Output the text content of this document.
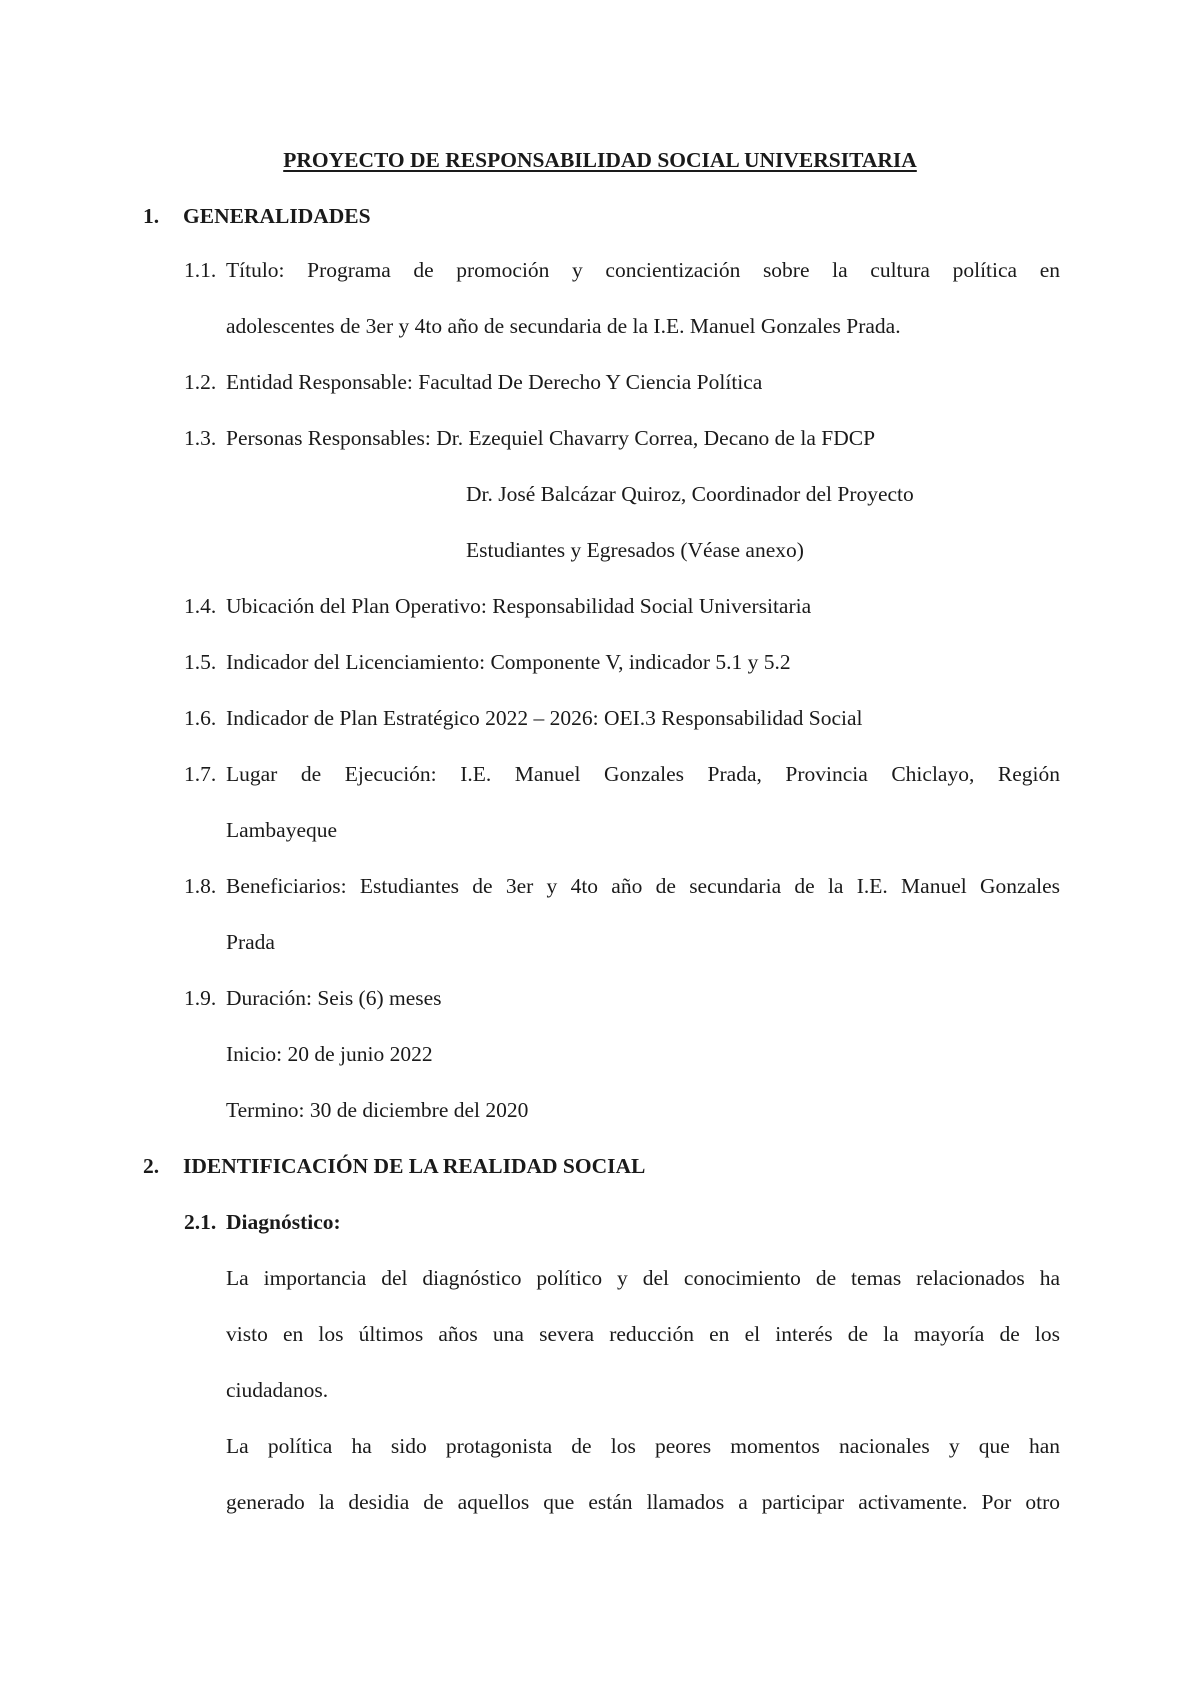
PROYECTO DE RESPONSABILIDAD SOCIAL UNIVERSITARIA
1. GENERALIDADES
1.1. Título: Programa de promoción y concientización sobre la cultura política en
adolescentes de 3er y 4to año de secundaria de la I.E. Manuel Gonzales Prada.
1.2. Entidad Responsable: Facultad De Derecho Y Ciencia Política
1.3. Personas Responsables: Dr. Ezequiel Chavarry Correa, Decano de la FDCP
Dr. José Balcázar Quiroz, Coordinador del Proyecto
Estudiantes y Egresados (Véase anexo)
1.4. Ubicación del Plan Operativo: Responsabilidad Social Universitaria
1.5. Indicador del Licenciamiento: Componente V, indicador 5.1 y 5.2
1.6. Indicador de Plan Estratégico 2022 – 2026: OEI.3 Responsabilidad Social
1.7. Lugar de Ejecución: I.E. Manuel Gonzales Prada, Provincia Chiclayo, Región
Lambayeque
1.8. Beneficiarios: Estudiantes de 3er y 4to año de secundaria de la I.E. Manuel Gonzales
Prada
1.9. Duración: Seis (6) meses
Inicio: 20 de junio 2022
Termino: 30 de diciembre del 2020
2. IDENTIFICACIÓN DE LA REALIDAD SOCIAL
2.1. Diagnóstico:
La importancia del diagnóstico político y del conocimiento de temas relacionados ha
visto en los últimos años una severa reducción en el interés de la mayoría de los
ciudadanos.
La política ha sido protagonista de los peores momentos nacionales y que han
generado la desidia de aquellos que están llamados a participar activamente. Por otro
